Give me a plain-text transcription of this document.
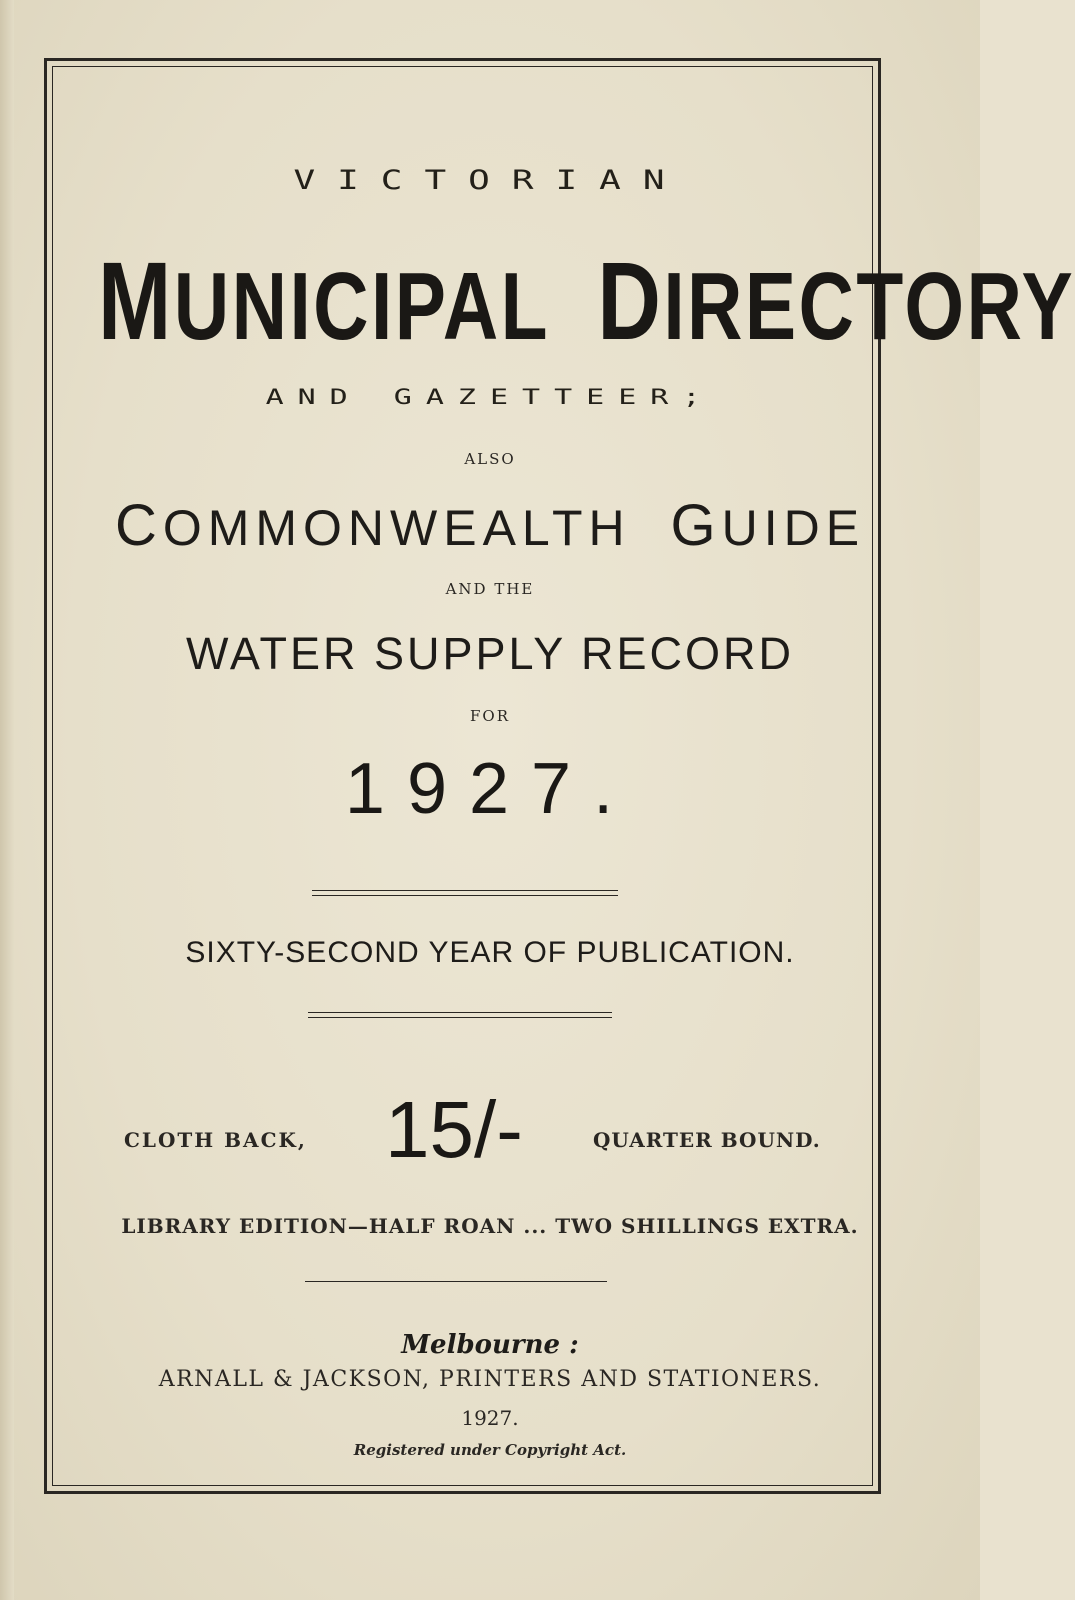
VICTORIAN
MUNICIPAL DIRECTORY
AND GAZETTEER;
ALSO
COMMONWEALTH GUIDE
AND THE
WATER SUPPLY RECORD
FOR
1927.
SIXTY-SECOND YEAR OF PUBLICATION.
CLOTH BACK, 15/-	QUARTER BOUND.
LIBRARY EDITION—HALF ROAN ... TWO SHILLINGS EXTRA.
Melbourne :
ARNALL & JACKSON, PRINTERS AND STATIONERS.
1927.
Registered under Copyright Act.
